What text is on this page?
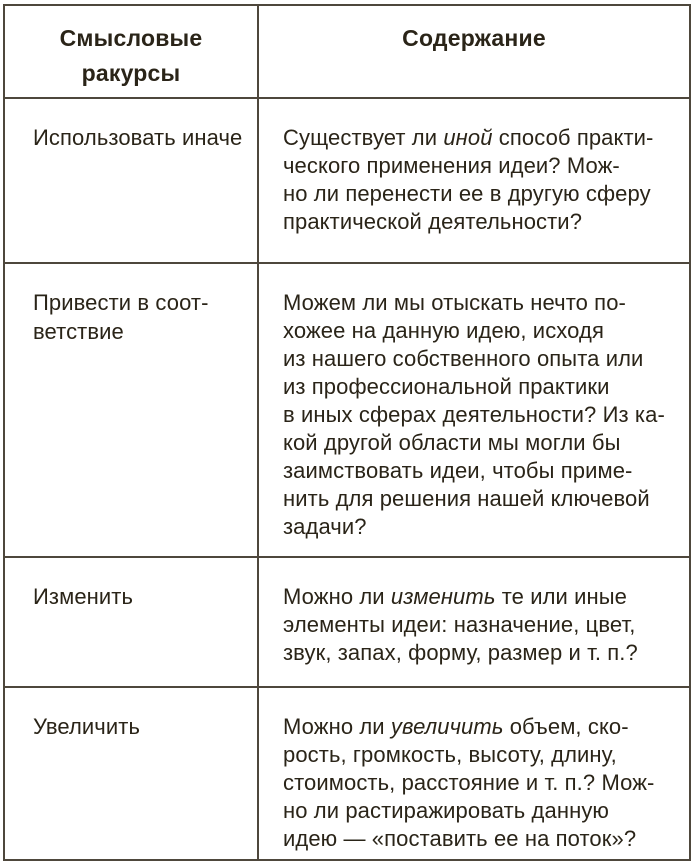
Смысловые
ракурсы	Содержание
Использовать иначе	Существует ли иной способ практи-
ческого применения идеи? Мож-
но ли перенести ее в другую сферу
практической деятельности?
Привести в соот-
ветствие	Можем ли мы отыскать нечто по-
хожее на данную идею, исходя
из нашего собственного опыта или
из профессиональной практики
в иных сферах деятельности? Из ка-
кой другой области мы могли бы
заимствовать идеи, чтобы приме-
нить для решения нашей ключевой
задачи?
Изменить	Можно ли изменить те или иные
элементы идеи: назначение, цвет,
звук, запах, форму, размер и т. п.?
Увеличить	Можно ли увеличить объем, ско-
рость, громкость, высоту, длину,
стоимость, расстояние и т. п.? Мож-
но ли растиражировать данную
идею — «поставить ее на поток»?
